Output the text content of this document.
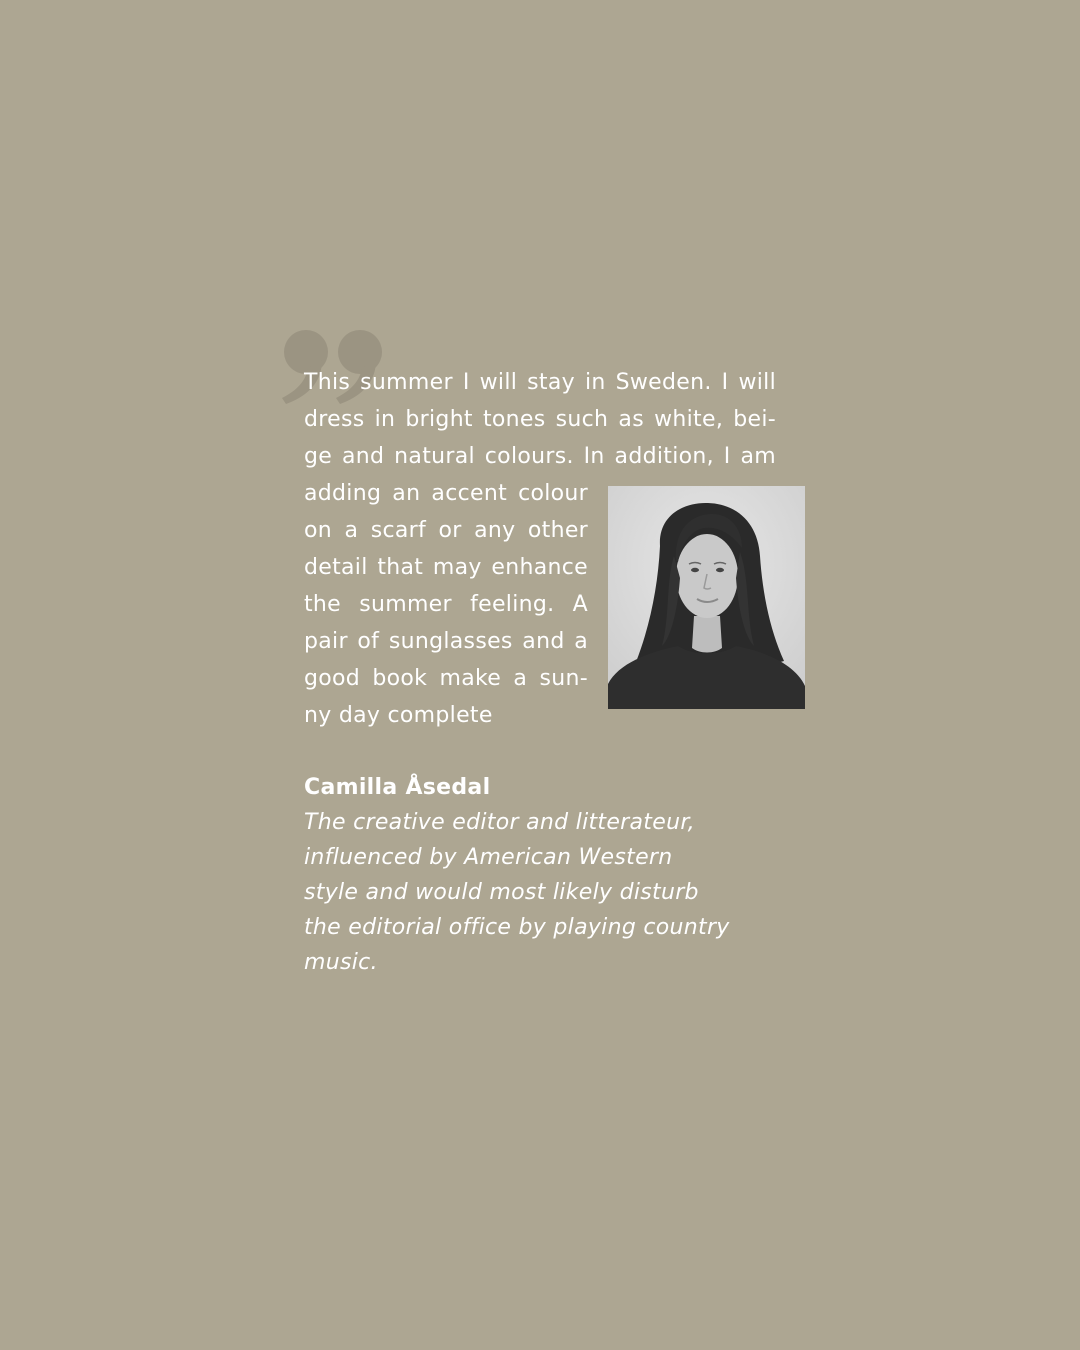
This summer I will stay in Sweden. I will
dress in bright tones such as white, bei-
ge and natural colours. In addition, I am
adding an accent colour
on a scarf or any other
detail that may enhance
the summer feeling. A
pair of sunglasses and a
good book make a sun-
ny day complete
Camilla Åsedal
The creative editor and litterateur,
influenced by American Western
style and would most likely disturb
the editorial office by playing country
music.
